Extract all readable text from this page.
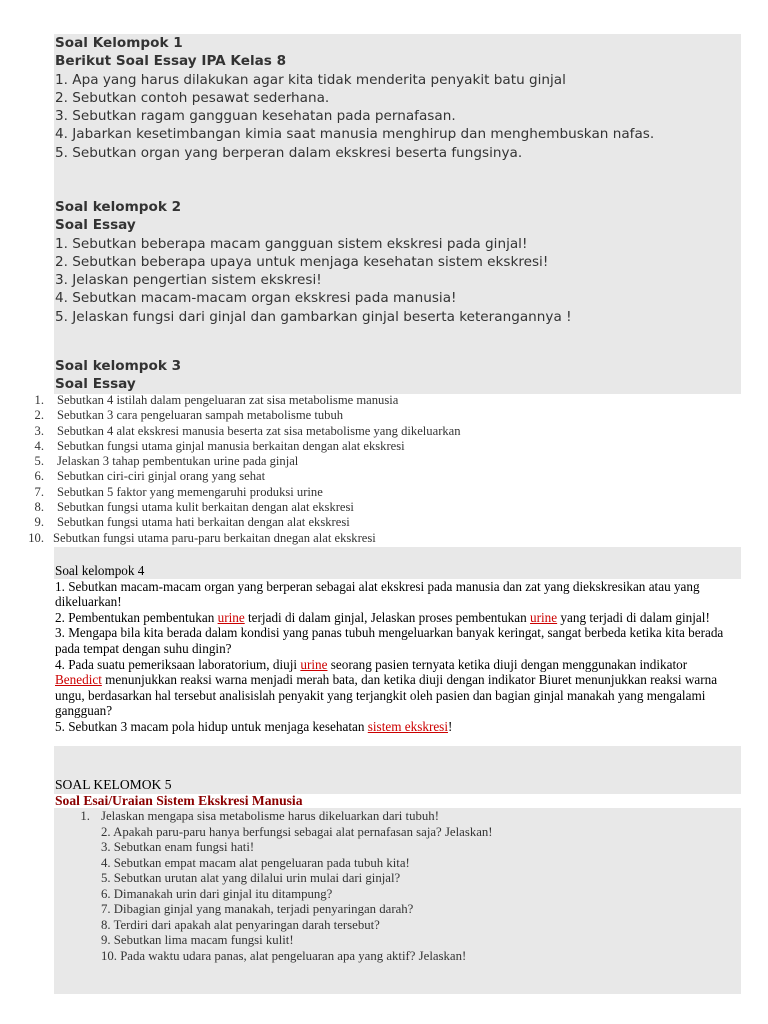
Soal Kelompok 1
Berikut Soal Essay IPA Kelas 8
1. Apa yang harus dilakukan agar kita tidak menderita penyakit batu ginjal
2. Sebutkan contoh pesawat sederhana.
3. Sebutkan ragam gangguan kesehatan pada pernafasan.
4. Jabarkan kesetimbangan kimia saat manusia menghirup dan menghembuskan nafas.
5. Sebutkan organ yang berperan dalam ekskresi beserta fungsinya.
Soal kelompok 2
Soal Essay
1. Sebutkan beberapa macam gangguan sistem ekskresi pada ginjal!
2. Sebutkan beberapa upaya untuk menjaga kesehatan sistem ekskresi!
3. Jelaskan pengertian sistem ekskresi!
4. Sebutkan macam-macam organ ekskresi pada manusia!
5. Jelaskan fungsi dari ginjal dan gambarkan ginjal beserta keterangannya !
Soal kelompok 3
Soal Essay
1. Sebutkan 4 istilah dalam pengeluaran zat sisa metabolisme manusia
2. Sebutkan 3 cara pengeluaran sampah metabolisme tubuh
3. Sebutkan 4 alat ekskresi manusia beserta zat sisa metabolisme yang dikeluarkan
4. Sebutkan fungsi utama ginjal manusia berkaitan dengan alat ekskresi
5. Jelaskan 3 tahap pembentukan urine pada ginjal
6. Sebutkan ciri-ciri ginjal orang yang sehat
7. Sebutkan 5 faktor yang memengaruhi produksi urine
8. Sebutkan fungsi utama kulit berkaitan dengan alat ekskresi
9. Sebutkan fungsi utama hati berkaitan dengan alat ekskresi
10. Sebutkan fungsi utama paru-paru berkaitan dnegan alat ekskresi

Soal kelompok 4

1. Sebutkan macam-macam organ yang berperan sebagai alat ekskresi pada manusia dan zat yang diekskresikan atau yang dikeluarkan!

2. Pembentukan pembentukan urine terjadi di dalam ginjal, Jelaskan proses pembentukan urine yang terjadi di dalam ginjal!

3. Mengapa bila kita berada dalam kondisi yang panas tubuh mengeluarkan banyak keringat, sangat berbeda ketika kita berada pada tempat dengan suhu dingin?

4. Pada suatu pemeriksaan laboratorium, diuji urine seorang pasien ternyata ketika diuji dengan menggunakan indikator Benedict menunjukkan reaksi warna menjadi merah bata, dan ketika diuji dengan indikator Biuret menunjukkan reaksi warna ungu, berdasarkan hal tersebut analisislah penyakit yang terjangkit oleh pasien dan bagian ginjal manakah yang mengalami gangguan?

5. Sebutkan 3 macam pola hidup untuk menjaga kesehatan sistem ekskresi!

SOAL KELOMOK 5
Soal Esai/Uraian Sistem Ekskresi Manusia
1. Jelaskan mengapa sisa metabolisme harus dikeluarkan dari tubuh!
2. Apakah paru-paru hanya berfungsi sebagai alat pernafasan saja? Jelaskan!
3. Sebutkan enam fungsi hati!
4. Sebutkan empat macam alat pengeluaran pada tubuh kita!
5. Sebutkan urutan alat yang dilalui urin mulai dari ginjal?
6. Dimanakah urin dari ginjal itu ditampung?
7. Dibagian ginjal yang manakah, terjadi penyaringan darah?
8. Terdiri dari apakah alat penyaringan darah tersebut?
9. Sebutkan lima macam fungsi kulit!
10. Pada waktu udara panas, alat pengeluaran apa yang aktif? Jelaskan!
